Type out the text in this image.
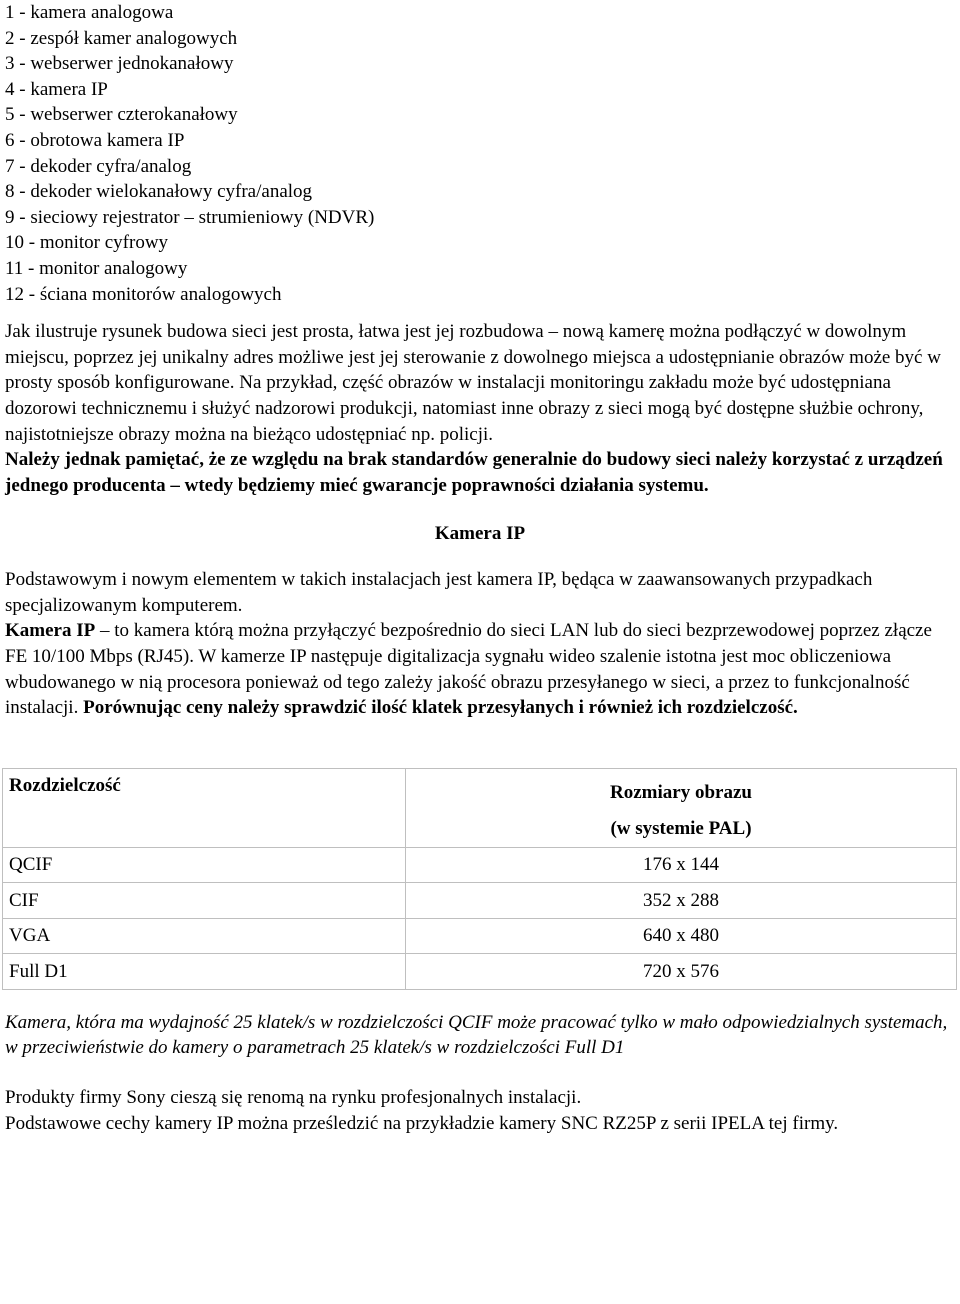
1 - kamera analogowa
2 - zespół kamer analogowych
3 - webserwer jednokanałowy
4 - kamera IP
5 - webserwer czterokanałowy
6 - obrotowa kamera IP
7 - dekoder cyfra/analog
8 - dekoder wielokanałowy cyfra/analog
9 - sieciowy rejestrator – strumieniowy (NDVR)
10 - monitor cyfrowy
11 - monitor analogowy
12 - ściana monitorów analogowych

Jak ilustruje rysunek budowa sieci jest prosta, łatwa jest jej rozbudowa – nową kamerę można podłączyć w dowolnym miejscu, poprzez jej unikalny adres możliwe jest jej sterowanie z dowolnego miejsca a udostępnianie obrazów może być w prosty sposób konfigurowane. Na przykład, część obrazów w instalacji monitoringu zakładu może być udostępniana dozorowi technicznemu i służyć nadzorowi produkcji, natomiast inne obrazy z sieci mogą być dostępne służbie ochrony, najistotniejsze obrazy można na bieżąco udostępniać np. policji.

Należy jednak pamiętać, że ze względu na brak standardów generalnie do budowy sieci należy korzystać z urządzeń jednego producenta – wtedy będziemy mieć gwarancje poprawności działania systemu.

Kamera IP

Podstawowym i nowym elementem w takich instalacjach jest kamera IP, będąca w zaawansowanych przypadkach specjalizowanym komputerem.

Kamera IP – to kamera którą można przyłączyć bezpośrednio do sieci LAN lub do sieci bezprzewodowej poprzez złącze FE 10/100 Mbps (RJ45). W kamerze IP następuje digitalizacja sygnału wideo szalenie istotna jest moc obliczeniowa wbudowanego w nią procesora ponieważ od tego zależy jakość obrazu przesyłanego w sieci, a przez to funkcjonalność instalacji. Porównując ceny należy sprawdzić ilość klatek przesyłanych i również ich rozdzielczość.

Rozdzielczość	Rozmiary obrazu
(w systemie PAL)

QCIF	176 x 144
CIF	352 x 288
VGA	640 x 480
Full D1	720 x 576

Kamera, która ma wydajność 25 klatek/s w rozdzielczości QCIF może pracować tylko w mało odpowiedzialnych systemach, w przeciwieństwie do kamery o parametrach 25 klatek/s w rozdzielczości Full D1

Produkty firmy Sony cieszą się renomą na rynku profesjonalnych instalacji.

Podstawowe cechy kamery IP można prześledzić na przykładzie kamery SNC RZ25P z serii IPELA tej firmy.
